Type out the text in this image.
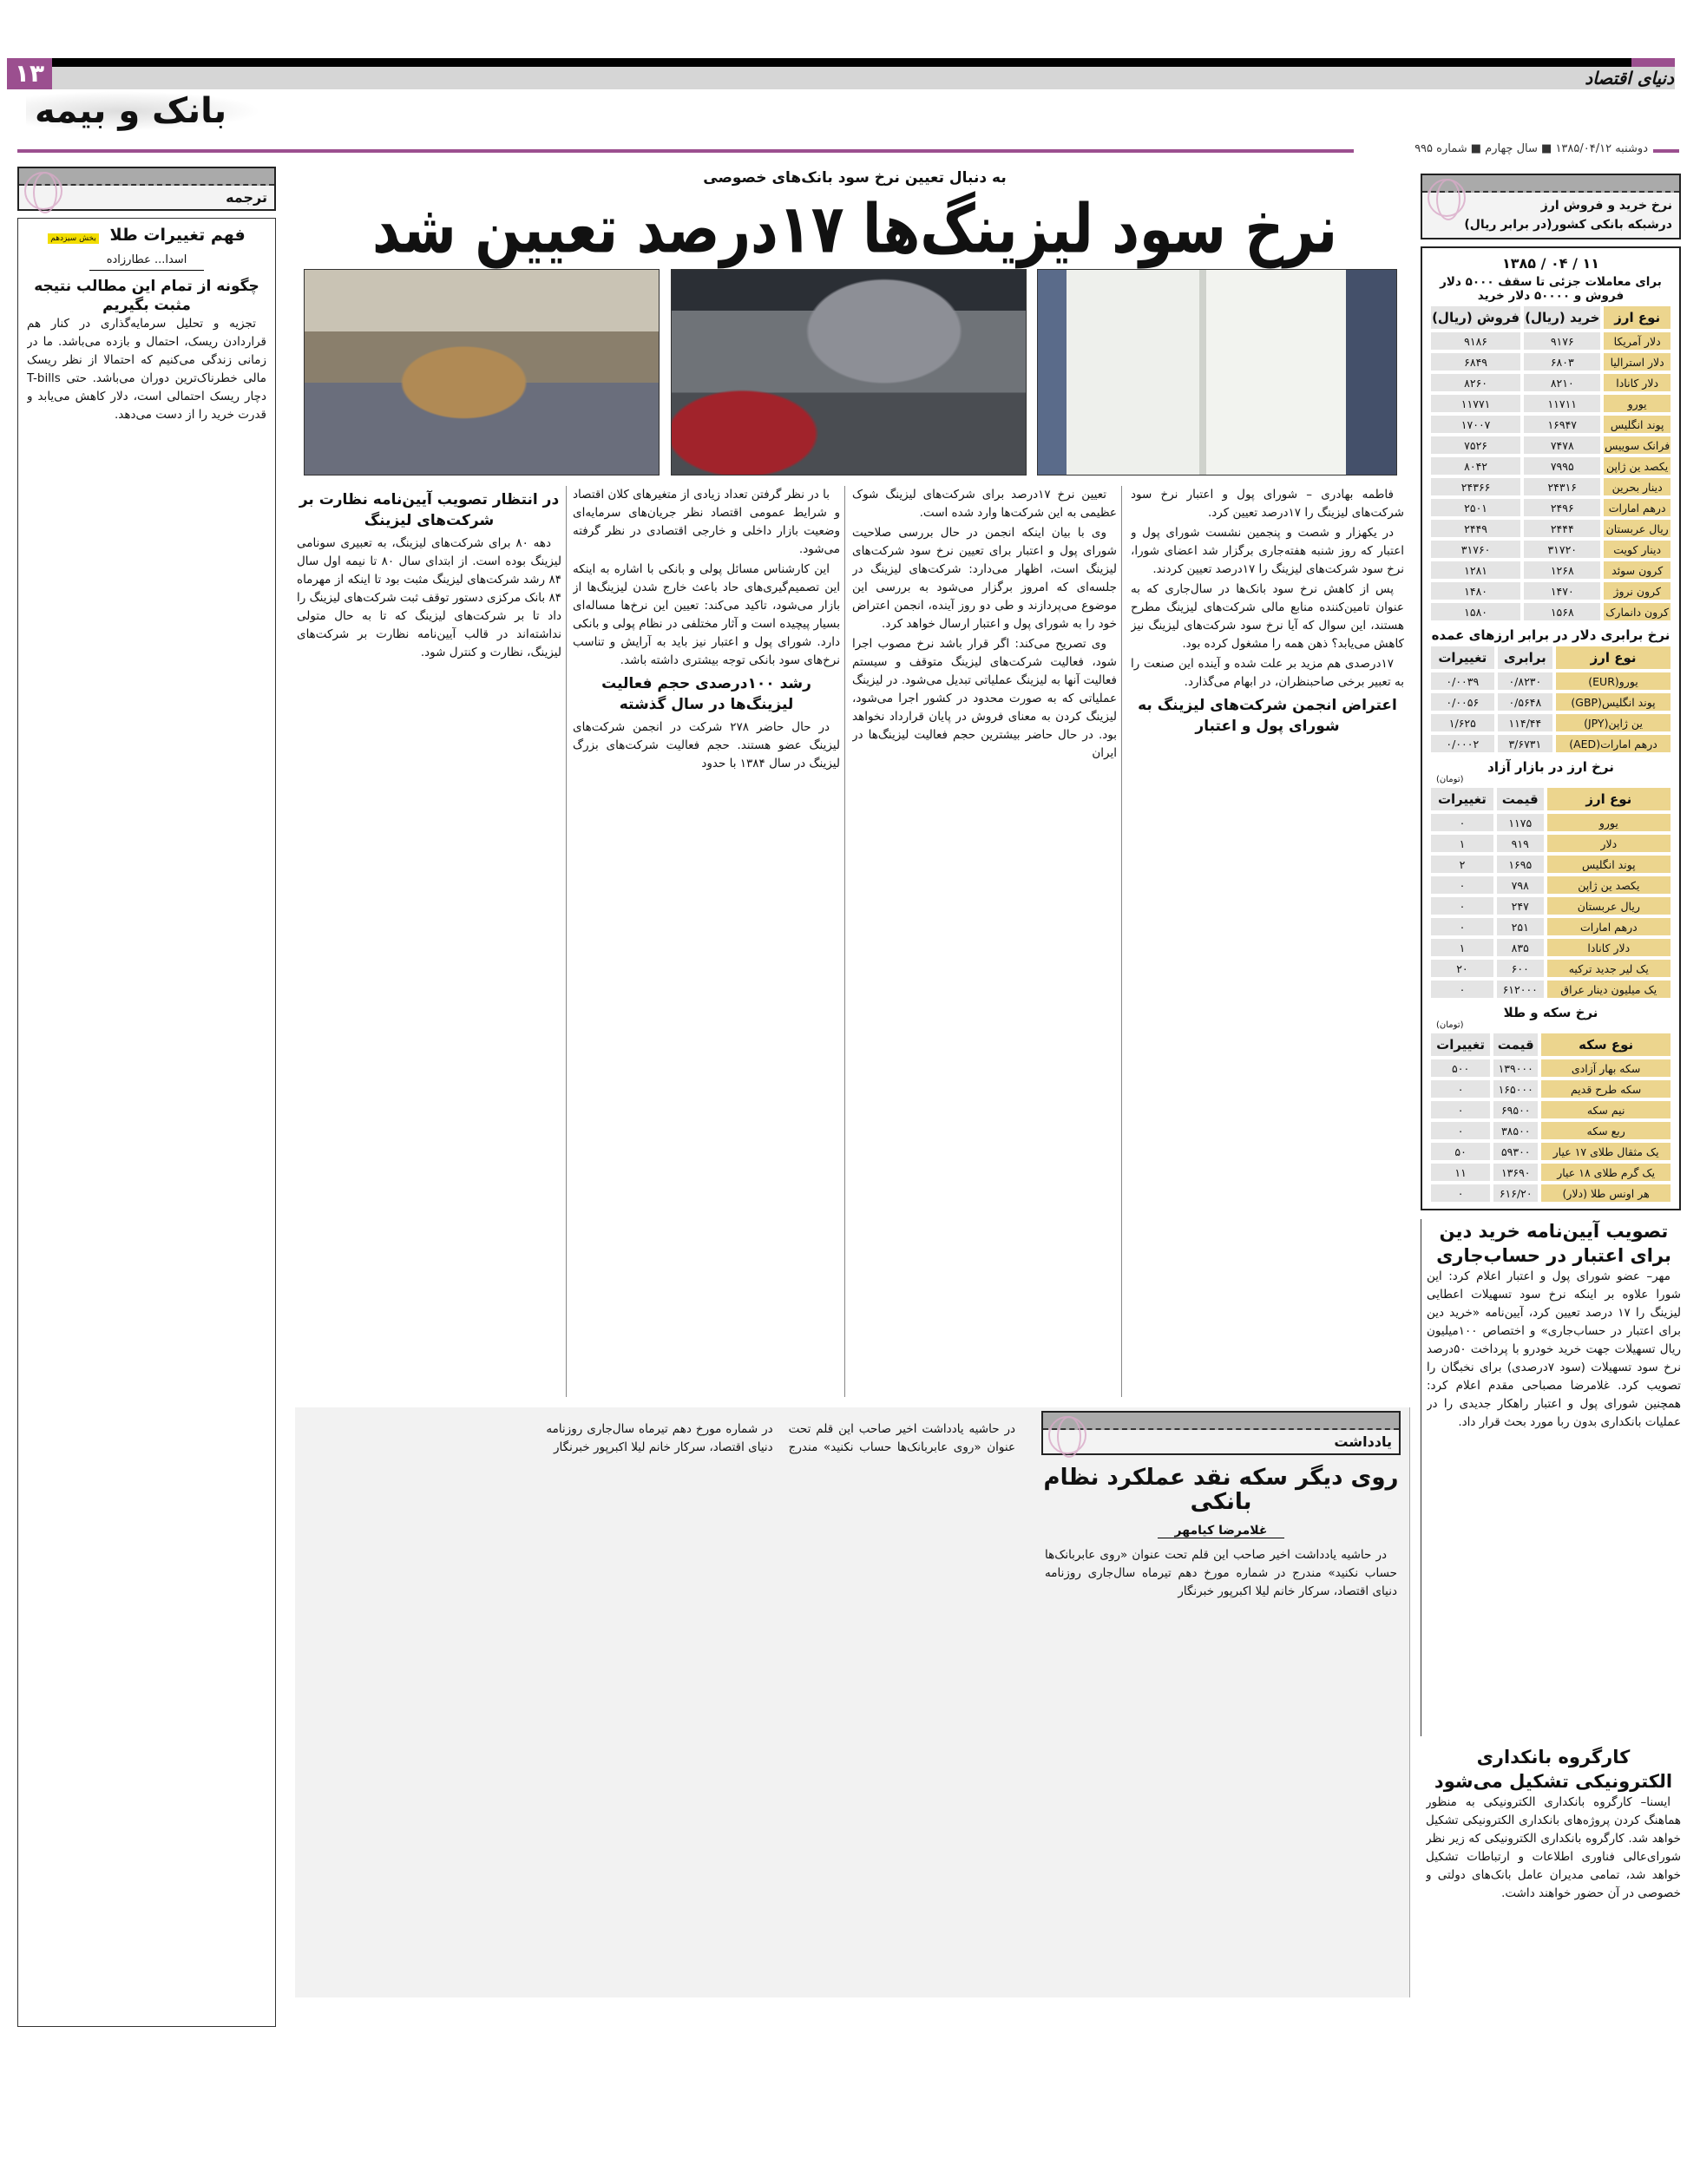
۱۳	دنیای اقتصاد
بانک و بیمه
دوشنبه ۱۳۸۵/۰۴/۱۲ ■ سال چهارم ■ شماره ۹۹۵
به دنبال تعیین نرخ سود بانک‌های خصوصی
نرخ سود لیزینگ‌ها ۱۷درصد تعیین شد

فاطمه بهادری – شورای پول و اعتبار نرخ سود شرکت‌های لیزینگ را ۱۷درصد تعیین کرد.

در یکهزار و شصت و پنجمین نشست شورای پول و اعتبار که روز شنبه هفته‌جاری برگزار شد اعضای شورا، نرخ سود شرکت‌های لیزینگ را ۱۷درصد تعیین کردند.

پس از کاهش نرخ سود بانک‌ها در سال‌جاری که به عنوان تامین‌کننده منابع مالی شرکت‌های لیزینگ مطرح هستند، این سوال که آیا نرخ سود شرکت‌های لیزینگ نیز کاهش می‌یابد؟ ذهن همه را مشغول کرده بود.

۱۷درصدی هم مزید بر علت شده و آینده این صنعت را به تعبیر برخی صاحبنظران، در ابهام می‌گذارد.

اعتراض انجمن شرکت‌های لیزینگ به شورای پول و اعتبار

تعیین نرخ ۱۷درصد برای شرکت‌های لیزینگ شوک عظیمی به این شرکت‌ها وارد شده است.

وی با بیان اینکه انجمن در حال بررسی صلاحیت شورای پول و اعتبار برای تعیین نرخ سود شرکت‌های لیزینگ است، اظهار می‌دارد: شرکت‌های لیزینگ در جلسه‌ای که امروز برگزار می‌شود به بررسی این موضوع می‌پردازند و طی دو روز آینده، انجمن اعتراض خود را به شورای پول و اعتبار ارسال خواهد کرد.

وی تصریح می‌کند: اگر قرار باشد نرخ مصوب اجرا شود، فعالیت شرکت‌های لیزینگ متوقف و سیستم فعالیت آنها به لیزینگ عملیاتی تبدیل می‌شود. در لیزینگ عملیاتی که به صورت محدود در کشور اجرا می‌شود، لیزینگ کردن به معنای فروش در پایان قرارداد نخواهد بود. در حال حاضر بیشترین حجم فعالیت لیزینگ‌ها در ایران

با در نظر گرفتن تعداد زیادی از متغیرهای کلان اقتصاد و شرایط عمومی اقتصاد نظر جریان‌های سرمایه‌ای وضعیت بازار داخلی و خارجی اقتصادی در نظر گرفته می‌شود.

این کارشناس مسائل پولی و بانکی با اشاره به اینکه این تصمیم‌گیری‌های حاد باعث خارج شدن لیزینگ‌ها از بازار می‌شود، تاکید می‌کند: تعیین این نرخ‌ها مساله‌ای بسیار پیچیده است و آثار مختلفی در نظام پولی و بانکی دارد. شورای پول و اعتبار نیز باید به آرایش و تناسب نرخ‌های سود بانکی توجه بیشتری داشته باشد.

رشد ۱۰۰درصدی حجم فعالیت لیزینگ‌ها در سال گذشته

در حال حاضر ۲۷۸ شرکت در انجمن شرکت‌های لیزینگ عضو هستند. حجم فعالیت شرکت‌های بزرگ لیزینگ در سال ۱۳۸۴ با حدود

در انتظار تصویب آیین‌نامه نظارت بر شرکت‌های لیزینگ

دهه ۸۰ برای شرکت‌های لیزینگ، به تعبیری سونامی لیزینگ بوده است. از ابتدای سال ۸۰ تا نیمه اول سال ۸۴ رشد شرکت‌های لیزینگ مثبت بود تا اینکه از مهرماه ۸۴ بانک مرکزی دستور توقف ثبت شرکت‌های لیزینگ را داد تا بر شرکت‌های لیزینگ که تا به حال متولی نداشته‌اند در قالب آیین‌نامه نظارت بر شرکت‌های لیزینگ، نظارت و کنترل شود.

در حاشیه یادداشت اخیر صاحب این قلم تحت عنوان «روی عابربانک‌ها حساب نکنید» مندرج در شماره مورخ دهم تیرماه سال‌جاری روزنامه دنیای اقتصاد، سرکار خانم لیلا اکبرپور خبرنگار	یادداشت
روی دیگر سکه نقد عملکرد نظام بانکی
غلامرضا کیامهر

در حاشیه یادداشت اخیر صاحب این قلم تحت عنوان «روی عابربانک‌ها حساب نکنید» مندرج در شماره مورخ دهم تیرماه سال‌جاری روزنامه دنیای اقتصاد، سرکار خانم لیلا اکبرپور خبرنگار

ترجمه
فهم تغییرات طلا بخش سیزدهم
اسدا... عطارزاده
چگونه از تمام این مطالب نتیجه مثبت بگیریم

تجزیه و تحلیل سرمایه‌گذاری در کنار هم قراردادن ریسک، احتمال و بازده می‌باشد. ما در زمانی زندگی می‌کنیم که احتمالا از نظر ریسک مالی خطرناک‌ترین دوران می‌باشد. حتی T-bills دچار ریسک احتمالی است، دلار کاهش می‌یابد و قدرت خرید را از دست می‌دهد.

نرخ خرید و فروش ارز
درشبکه بانکی کشور(در برابر ریال)
۱۱ / ۰۴ / ۱۳۸۵
برای معاملات جزئی تا سقف ۵۰۰۰ دلار فروش و ۵۰۰۰۰ دلار خرید
نوع ارز	خرید (ریال)	فروش (ریال)
دلار آمریکا	۹۱۷۶	۹۱۸۶
دلار استرالیا	۶۸۰۳	۶۸۴۹
دلار کانادا	۸۲۱۰	۸۲۶۰
یورو	۱۱۷۱۱	۱۱۷۷۱
پوند انگلیس	۱۶۹۴۷	۱۷۰۰۷
فرانک سوییس	۷۴۷۸	۷۵۲۶
یکصد ین ژاپن	۷۹۹۵	۸۰۴۲
دینار بحرین	۲۴۳۱۶	۲۴۳۶۶
درهم امارات	۲۴۹۶	۲۵۰۱
ریال عربستان	۲۴۴۴	۲۴۴۹
دینار کویت	۳۱۷۲۰	۳۱۷۶۰
کرون سوئد	۱۲۶۸	۱۲۸۱
کرون نروژ	۱۴۷۰	۱۴۸۰
کرون دانمارک	۱۵۶۸	۱۵۸۰
نرخ برابری دلار در برابر ارزهای عمده
نوع ارز	برابری	تغییرات
یورو(EUR)	۰/۸۲۳۰	۰/۰۰۳۹
پوند انگلیس(GBP)	۰/۵۶۴۸	۰/۰۰۵۶
ین ژاپن(JPY)	۱۱۴/۴۴	۱/۶۲۵
درهم امارات(AED)	۳/۶۷۳۱	۰/۰۰۰۲
نرخ ارز در بازار آزاد
(تومان)
نوع ارز	قیمت	تغییرات
یورو	۱۱۷۵	۰
دلار	۹۱۹	۱
پوند انگلیس	۱۶۹۵	۲
یکصد ین ژاپن	۷۹۸	۰
ریال عربستان	۲۴۷	۰
درهم امارات	۲۵۱	۰
دلار کانادا	۸۳۵	۱
یک لیر جدید ترکیه	۶۰۰	۲۰
یک میلیون دینار عراق	۶۱۲۰۰۰	۰
نرخ سکه و طلا
(تومان)
نوع سکه	قیمت	تغییرات
سکه بهار آزادی	۱۳۹۰۰۰	۵۰۰
سکه طرح قدیم	۱۶۵۰۰۰	۰
نیم سکه	۶۹۵۰۰	۰
ربع سکه	۳۸۵۰۰	۰
یک مثقال طلای ۱۷ عیار	۵۹۳۰۰	۵۰
یک گرم طلای ۱۸ عیار	۱۳۶۹۰	۱۱
هر اونس طلا (دلار)	۶۱۶/۲۰	۰
تصویب آیین‌نامه خرید دین برای اعتبار در حساب‌جاری

مهر– عضو شورای پول و اعتبار اعلام کرد: این شورا علاوه بر اینکه نرخ سود تسهیلات اعطایی لیزینگ را ۱۷ درصد تعیین کرد، آیین‌نامه «خرید دین برای اعتبار در حساب‌جاری» و اختصاص ۱۰۰میلیون ریال تسهیلات جهت خرید خودرو با پرداخت ۵۰درصد نرخ سود تسهیلات (سود ۷درصدی) برای نخبگان را تصویب کرد. غلامرضا مصباحی مقدم اعلام کرد: همچنین شورای پول و اعتبار راهکار جدیدی را در عملیات بانکداری بدون ربا مورد بحث قرار داد.

کارگروه بانکداری الکترونیکی تشکیل می‌شود

ایسنا– کارگروه بانکداری الکترونیکی به منظور هماهنگ کردن پروژه‌های بانکداری الکترونیکی تشکیل خواهد شد. کارگروه بانکداری الکترونیکی که زیر نظر شورای‌عالی فناوری اطلاعات و ارتباطات تشکیل خواهد شد، تمامی مدیران عامل بانک‌های دولتی و خصوصی در آن حضور خواهند داشت.
